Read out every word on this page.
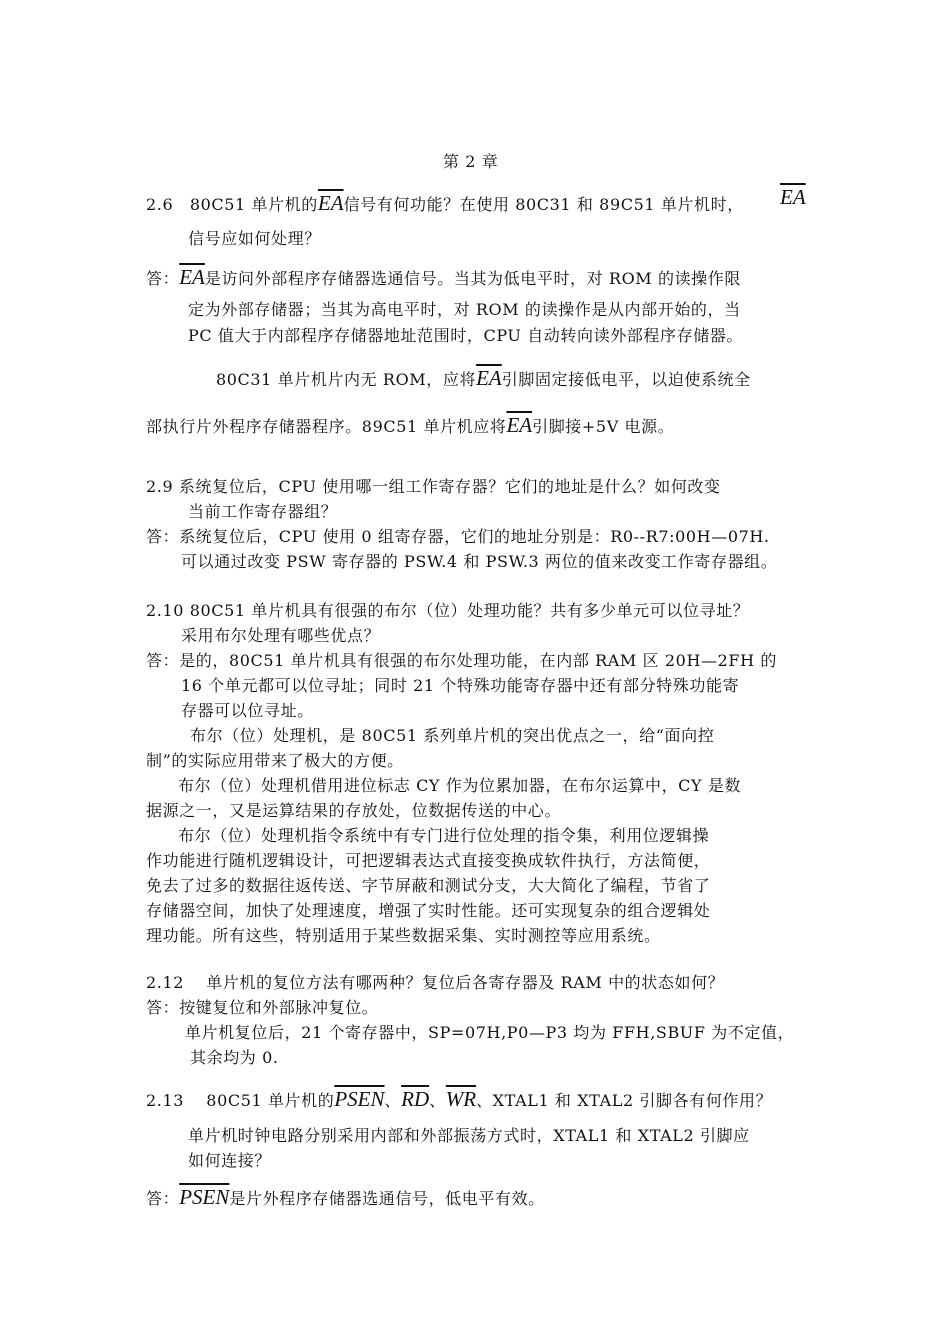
第 2 章
2.6　80C51 单片机的$\overline{EA}$信号有何功能？在使用 80C31 和 89C51 单片机时， $\overline{EA}$
信号应如何处理？
答：$\overline{EA}$是访问外部程序存储器选通信号。当其为低电平时，对 ROM 的读操作限
定为外部存储器；当其为高电平时，对 ROM 的读操作是从内部开始的，当
PC 值大于内部程序存储器地址范围时，CPU 自动转向读外部程序存储器。
80C31 单片机片内无 ROM，应将$\overline{EA}$引脚固定接低电平，以迫使系统全
部执行片外程序存储器程序。89C51 单片机应将$\overline{EA}$引脚接+5V 电源。
2.9 系统复位后，CPU 使用哪一组工作寄存器？它们的地址是什么？如何改变
当前工作寄存器组？
答：系统复位后，CPU 使用 0 组寄存器，它们的地址分别是：R0--R7:00H—07H.
可以通过改变 PSW 寄存器的 PSW.4 和 PSW.3 两位的值来改变工作寄存器组。
2.10 80C51 单片机具有很强的布尔（位）处理功能？共有多少单元可以位寻址？
采用布尔处理有哪些优点？
答：是的，80C51 单片机具有很强的布尔处理功能，在内部 RAM 区 20H—2FH 的
16 个单元都可以位寻址；同时 21 个特殊功能寄存器中还有部分特殊功能寄
存器可以位寻址。
布尔（位）处理机，是 80C51 系列单片机的突出优点之一，给“面向控
制”的实际应用带来了极大的方便。
布尔（位）处理机借用进位标志 CY 作为位累加器，在布尔运算中，CY 是数
据源之一，又是运算结果的存放处，位数据传送的中心。
布尔（位）处理机指令系统中有专门进行位处理的指令集，利用位逻辑操
作功能进行随机逻辑设计，可把逻辑表达式直接变换成软件执行，方法简便，
免去了过多的数据往返传送、字节屏蔽和测试分支，大大简化了编程，节省了
存储器空间，加快了处理速度，增强了实时性能。还可实现复杂的组合逻辑处
理功能。所有这些，特别适用于某些数据采集、实时测控等应用系统。
2.12　 单片机的复位方法有哪两种？复位后各寄存器及 RAM 中的状态如何？
答：按键复位和外部脉冲复位。
单片机复位后，21 个寄存器中，SP=07H,P0—P3 均为 FFH,SBUF 为不定值，
其余均为 0.
2.13　 80C51 单片机的PSEN、$\overline{RD}$、$\overline{WR}$、XTAL1 和 XTAL2 引脚各有何作用？
单片机时钟电路分别采用内部和外部振荡方式时，XTAL1 和 XTAL2 引脚应
如何连接？
答：PSEN是片外程序存储器选通信号，低电平有效。
